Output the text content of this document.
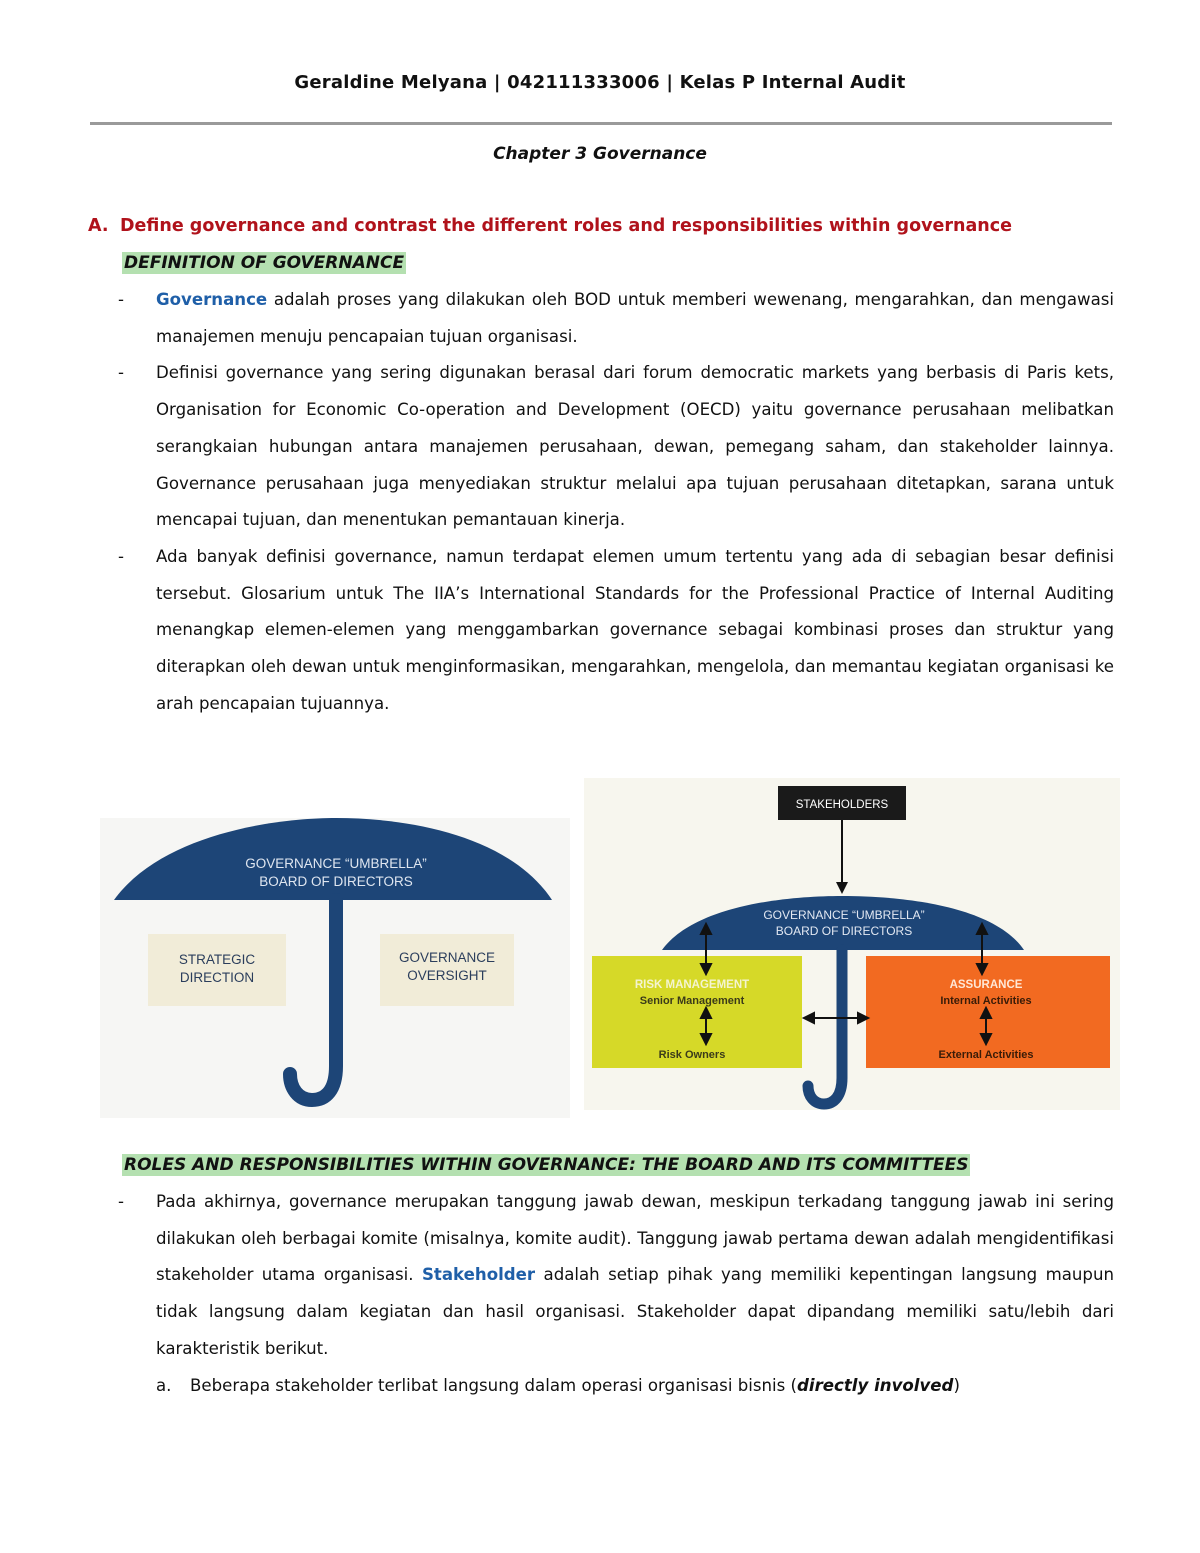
Geraldine Melyana | 042111333006 | Kelas P Internal Audit
Chapter 3 Governance
A. Define governance and contrast the different roles and responsibilities within governance
DEFINITION OF GOVERNANCE
- Governance adalah proses yang dilakukan oleh BOD untuk memberi wewenang, mengarahkan, dan mengawasi manajemen menuju pencapaian tujuan organisasi.
- Definisi governance yang sering digunakan berasal dari forum democratic markets yang berbasis di Paris kets, Organisation for Economic Co-operation and Development (OECD) yaitu governance perusahaan melibatkan serangkaian hubungan antara manajemen perusahaan, dewan, pemegang saham, dan stakeholder lainnya. Governance perusahaan juga menyediakan struktur melalui apa tujuan perusahaan ditetapkan, sarana untuk mencapai tujuan, dan menentukan pemantauan kinerja.
- Ada banyak definisi governance, namun terdapat elemen umum tertentu yang ada di sebagian besar definisi tersebut. Glosarium untuk The IIA’s International Standards for the Professional Practice of Internal Auditing menangkap elemen-elemen yang menggambarkan governance sebagai kombinasi proses dan struktur yang diterapkan oleh dewan untuk menginformasikan, mengarahkan, mengelola, dan memantau kegiatan organisasi ke arah pencapaian tujuannya.
GOVERNANCE “UMBRELLA”
BOARD OF DIRECTORS
STRATEGIC
DIRECTION
GOVERNANCE
OVERSIGHT
STAKEHOLDERS
GOVERNANCE “UMBRELLA”
BOARD OF DIRECTORS
RISK MANAGEMENT
Senior Management
Risk Owners
ASSURANCE
Internal Activities
External Activities
ROLES AND RESPONSIBILITIES WITHIN GOVERNANCE: THE BOARD AND ITS COMMITTEES
- Pada akhirnya, governance merupakan tanggung jawab dewan, meskipun terkadang tanggung jawab ini sering dilakukan oleh berbagai komite (misalnya, komite audit). Tanggung jawab pertama dewan adalah mengidentifikasi stakeholder utama organisasi. Stakeholder adalah setiap pihak yang memiliki kepentingan langsung maupun tidak langsung dalam kegiatan dan hasil organisasi. Stakeholder dapat dipandang memiliki satu/lebih dari karakteristik berikut.
a. Beberapa stakeholder terlibat langsung dalam operasi organisasi bisnis (directly involved)
